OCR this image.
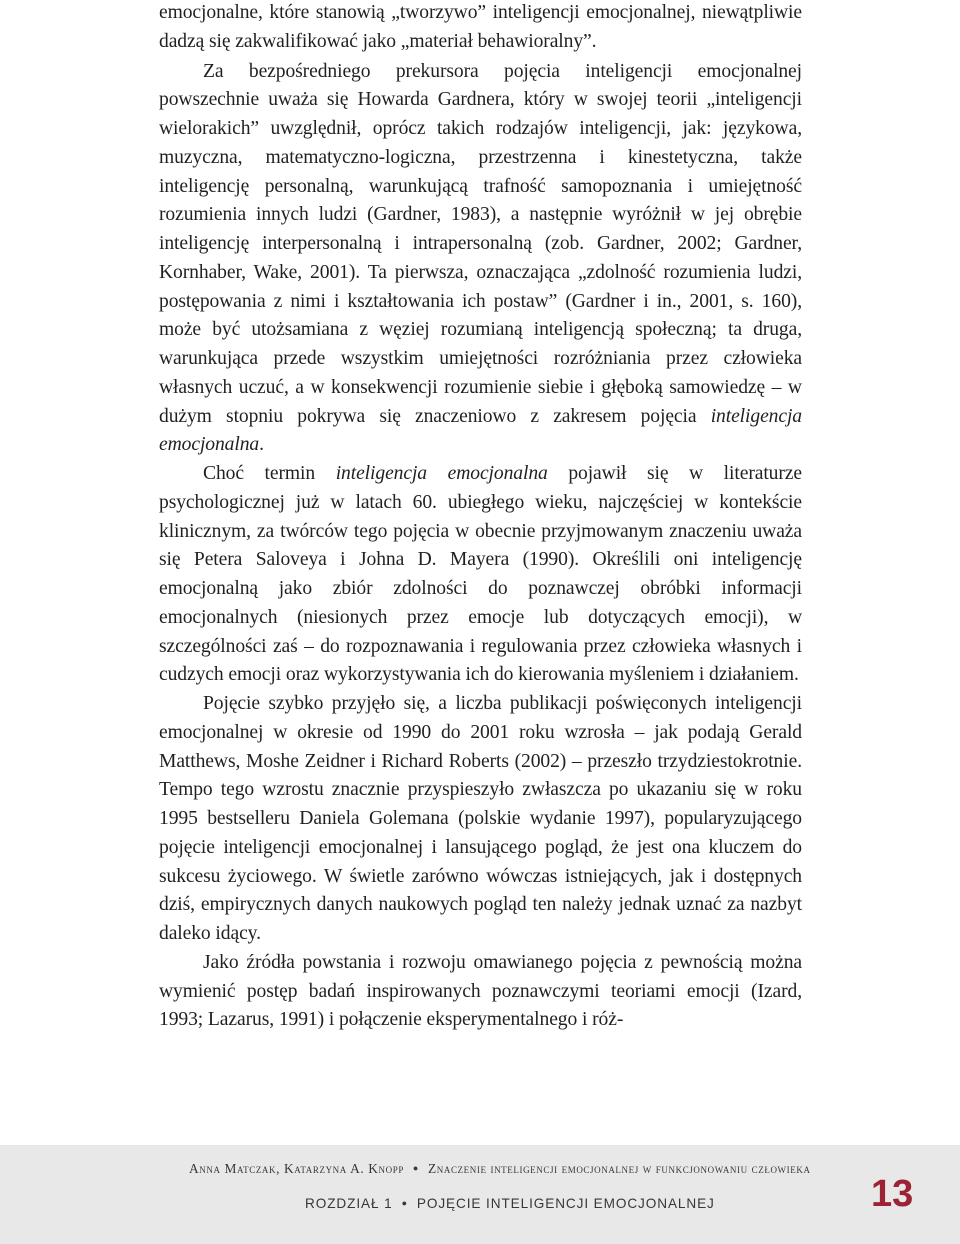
emocjonalne, które stanowią „tworzywo” inteligencji emocjonalnej, niewątpliwie dadzą się zakwalifikować jako „materiał behawioralny”.

Za bezpośredniego prekursora pojęcia inteligencji emocjonalnej powszechnie uważa się Howarda Gardnera, który w swojej teorii „inteligencji wielorakich” uwzględnił, oprócz takich rodzajów inteligencji, jak: językowa, muzyczna, matematyczno-logiczna, przestrzenna i kinestetyczna, także inteligencję personalną, warunkującą trafność samopoznania i umiejętność rozumienia innych ludzi (Gardner, 1983), a następnie wyróżnił w jej obrębie inteligencję interpersonalną i intrapersonalną (zob. Gardner, 2002; Gardner, Kornhaber, Wake, 2001). Ta pierwsza, oznaczająca „zdolność rozumienia ludzi, postępowania z nimi i kształtowania ich postaw” (Gardner i in., 2001, s. 160), może być utożsamiana z węziej rozumianą inteligencją społeczną; ta druga, warunkująca przede wszystkim umiejętności rozróżniania przez człowieka własnych uczuć, a w konsekwencji rozumienie siebie i głęboką samowiedzę – w dużym stopniu pokrywa się znaczeniowo z zakresem pojęcia inteligencja emocjonalna.

Choć termin inteligencja emocjonalna pojawił się w literaturze psychologicznej już w latach 60. ubiegłego wieku, najczęściej w kontekście klinicznym, za twórców tego pojęcia w obecnie przyjmowanym znaczeniu uważa się Petera Saloveya i Johna D. Mayera (1990). Określili oni inteligencję emocjonalną jako zbiór zdolności do poznawczej obróbki informacji emocjonalnych (niesionych przez emocje lub dotyczących emocji), w szczególności zaś – do rozpoznawania i regulowania przez człowieka własnych i cudzych emocji oraz wykorzystywania ich do kierowania myśleniem i działaniem.

Pojęcie szybko przyjęło się, a liczba publikacji poświęconych inteligencji emocjonalnej w okresie od 1990 do 2001 roku wzrosła – jak podają Gerald Matthews, Moshe Zeidner i Richard Roberts (2002) – przeszło trzydziestokrotnie. Tempo tego wzrostu znacznie przyspieszyło zwłaszcza po ukazaniu się w roku 1995 bestselleru Daniela Golemana (polskie wydanie 1997), popularyzującego pojęcie inteligencji emocjonalnej i lansującego pogląd, że jest ona kluczem do sukcesu życiowego. W świetle zarówno wówczas istniejących, jak i dostępnych dziś, empirycznych danych naukowych pogląd ten należy jednak uznać za nazbyt daleko idący.

Jako źródła powstania i rozwoju omawianego pojęcia z pewnością można wymienić postęp badań inspirowanych poznawczymi teoriami emocji (Izard, 1993; Lazarus, 1991) i połączenie eksperymentalnego i róż-

Anna Matczak, Katarzyna A. Knopp ● Znaczenie inteligencji emocjonalnej w funkcjonowaniu człowieka
ROZDZIAŁ 1 ● POJĘCIE INTELIGENCJI EMOCJONALNEJ	13
